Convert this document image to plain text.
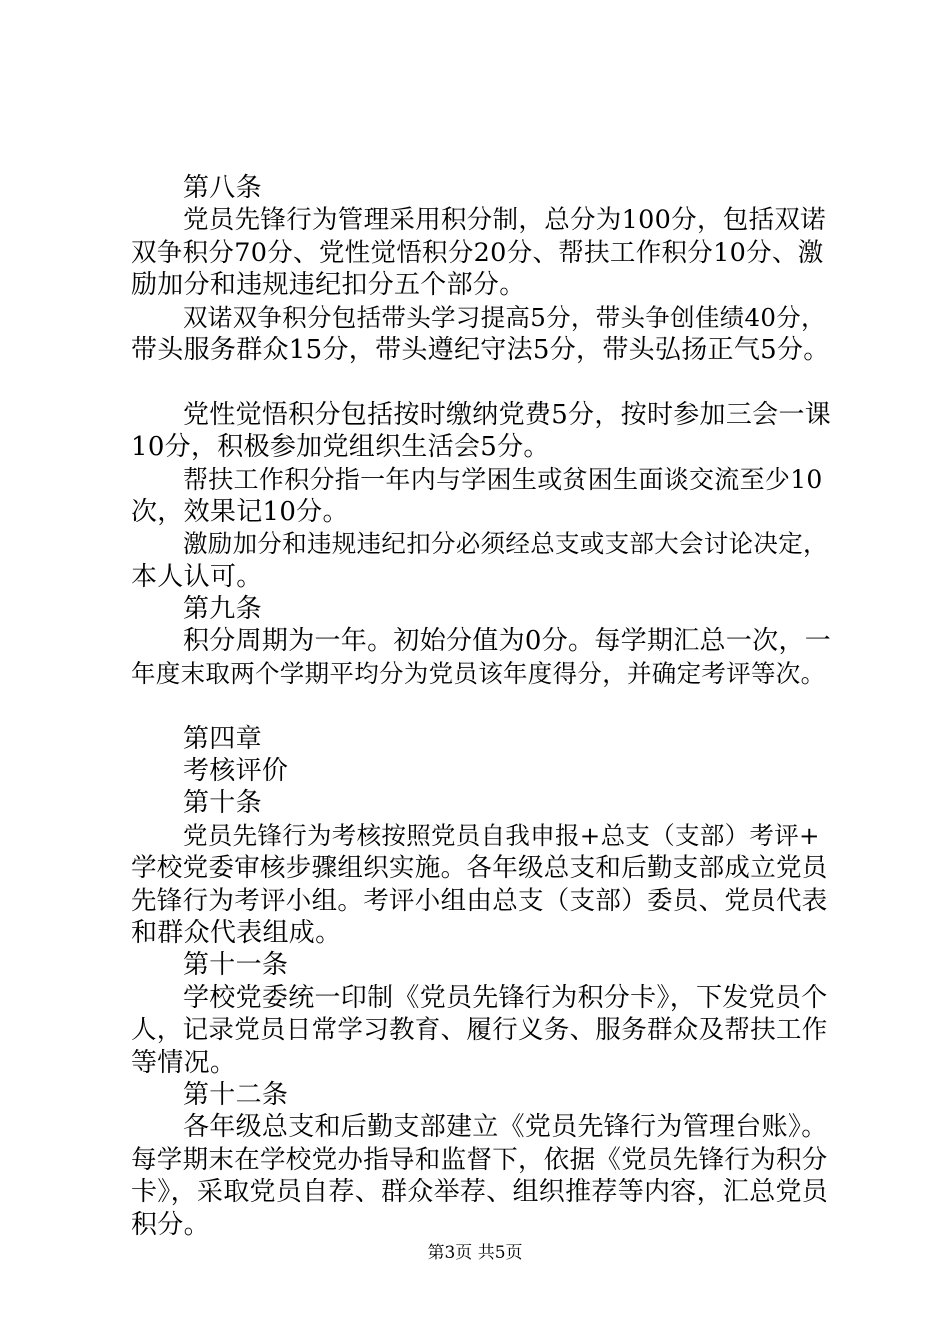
第八条
党员先锋行为管理采用积分制，总分为100分，包括双诺
双争积分70分、党性觉悟积分20分、帮扶工作积分10分、激
励加分和违规违纪扣分五个部分。
双诺双争积分包括带头学习提高5分，带头争创佳绩40分，
带头服务群众15分，带头遵纪守法5分，带头弘扬正气5分。
党性觉悟积分包括按时缴纳党费5分，按时参加三会一课
10分，积极参加党组织生活会5分。
帮扶工作积分指一年内与学困生或贫困生面谈交流至少10
次，效果记10分。
激励加分和违规违纪扣分必须经总支或支部大会讨论决定，
本人认可。
第九条
积分周期为一年。初始分值为0分。每学期汇总一次，一
年度末取两个学期平均分为党员该年度得分，并确定考评等次。
第四章
考核评价
第十条
党员先锋行为考核按照党员自我申报+总支（支部）考评+
学校党委审核步骤组织实施。各年级总支和后勤支部成立党员
先锋行为考评小组。考评小组由总支（支部）委员、党员代表
和群众代表组成。
第十一条
学校党委统一印制《党员先锋行为积分卡》，下发党员个
人，记录党员日常学习教育、履行义务、服务群众及帮扶工作
等情况。
第十二条
各年级总支和后勤支部建立《党员先锋行为管理台账》。
每学期末在学校党办指导和监督下，依据《党员先锋行为积分
卡》，采取党员自荐、群众举荐、组织推荐等内容，汇总党员
积分。
第3页 共5页
